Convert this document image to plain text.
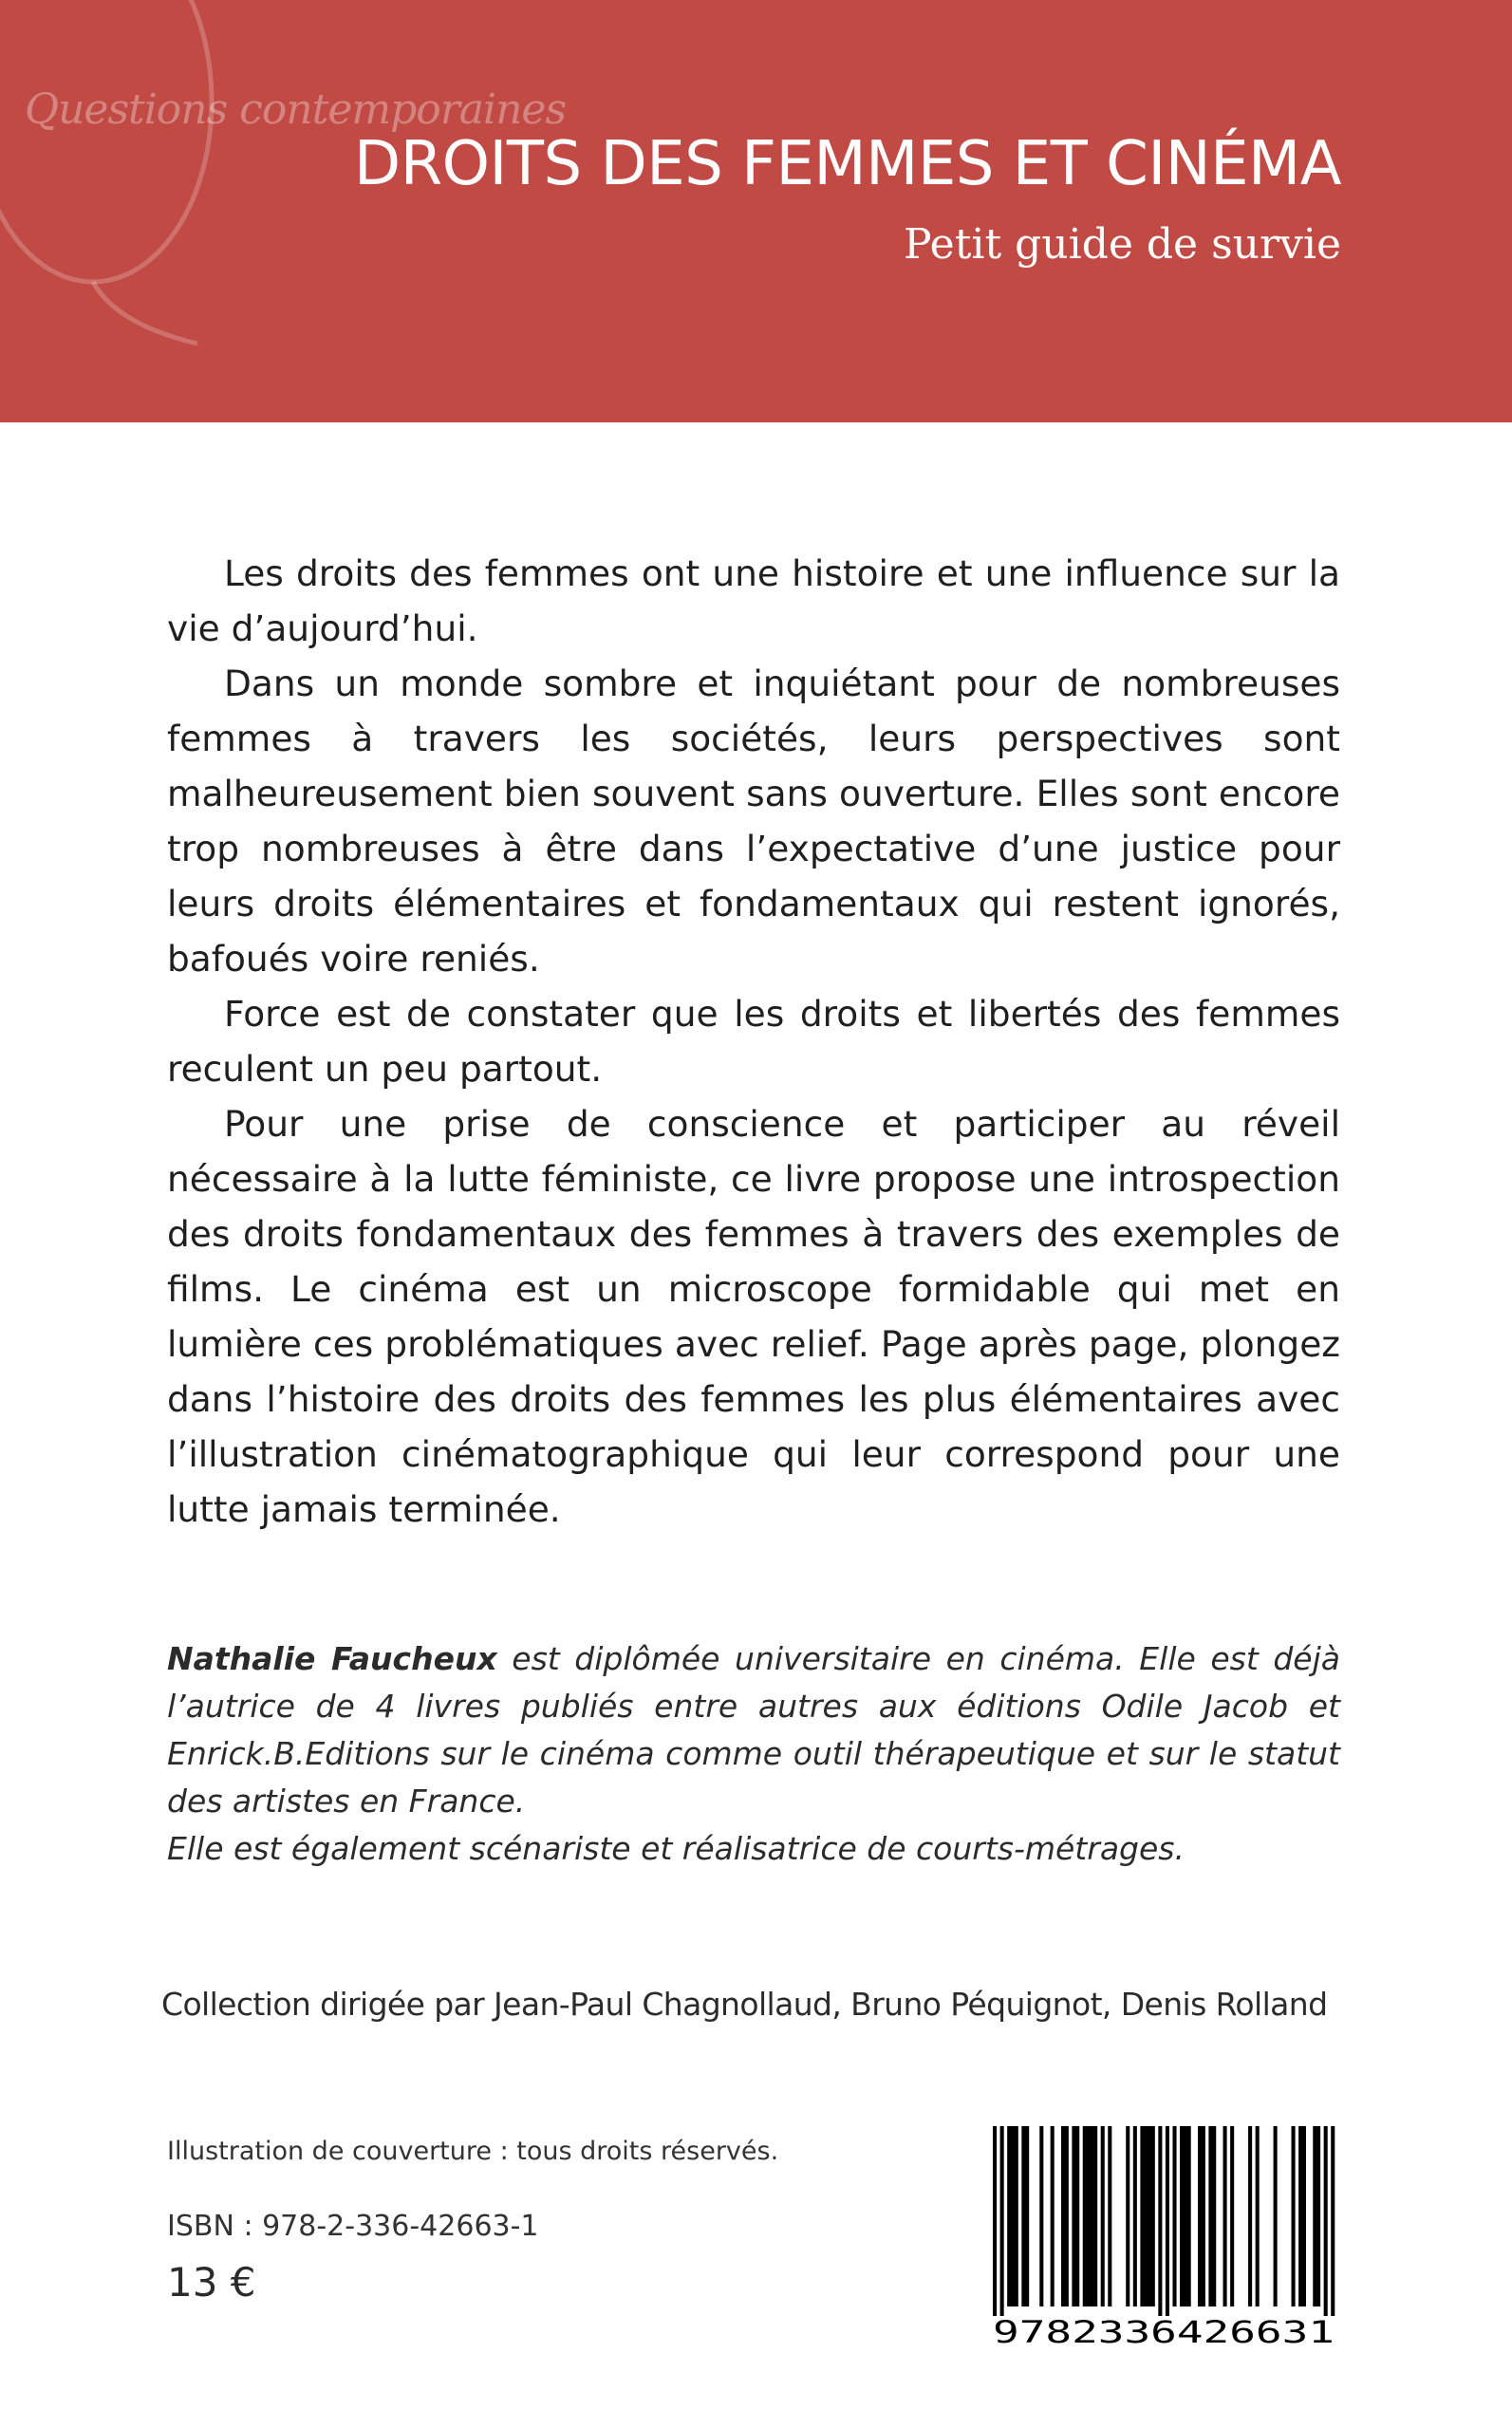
Questions contemporaines
DROITS DES FEMMES ET CINÉMA
Petit guide de survie

Les droits des femmes ont une histoire et une influence sur la vie d’aujourd’hui.

Dans un monde sombre et inquiétant pour de nombreuses femmes à travers les sociétés, leurs perspectives sont malheureusement bien souvent sans ouverture. Elles sont encore trop nombreuses à être dans l’expectative d’une justice pour leurs droits élémentaires et fondamentaux qui restent ignorés, bafoués voire reniés.

Force est de constater que les droits et libertés des femmes reculent un peu partout.

Pour une prise de conscience et participer au réveil nécessaire à la lutte féministe, ce livre propose une introspection des droits fondamentaux des femmes à travers des exemples de films. Le cinéma est un microscope formidable qui met en lumière ces problématiques avec relief. Page après page, plongez dans l’histoire des droits des femmes les plus élémentaires avec l’illustration cinématographique qui leur correspond pour une lutte jamais terminée.

Nathalie Faucheux est diplômée universitaire en cinéma. Elle est déjà l’autrice de 4 livres publiés entre autres aux éditions Odile Jacob et Enrick.B.Editions sur le cinéma comme outil thérapeutique et sur le statut des artistes en France.

Elle est également scénariste et réalisatrice de courts-métrages.

Collection dirigée par Jean-Paul Chagnollaud, Bruno Péquignot, Denis Rolland
Illustration de couverture : tous droits réservés.
ISBN : 978-2-336-42663-1
13 €
9782336426631
